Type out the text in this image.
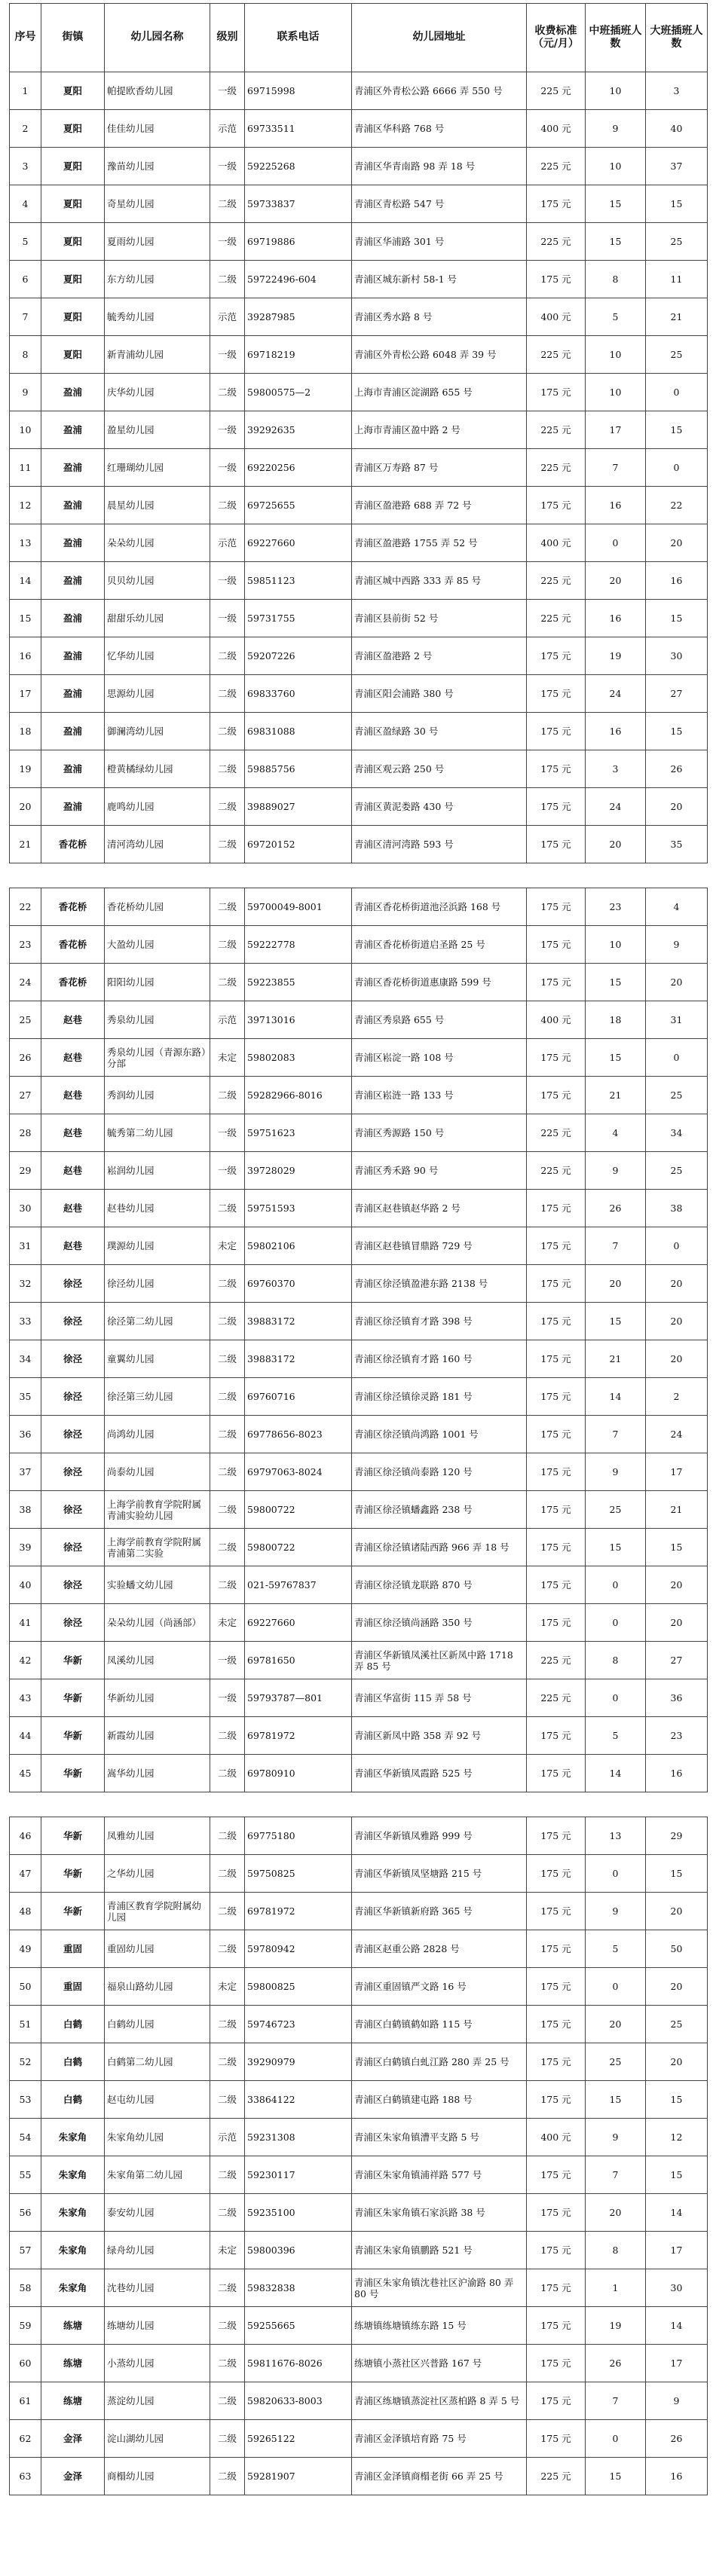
序号	街镇	幼儿园名称	级别	联系电话	幼儿园地址	收费标准（元/月）	中班插班人数	大班插班人数
1	夏阳	帕提欧香幼儿园	一级	69715998	青浦区外青松公路 6666 弄 550 号	225 元	10	3
2	夏阳	佳佳幼儿园	示范	69733511	青浦区华科路 768 号	400 元	9	40
3	夏阳	豫苗幼儿园	一级	59225268	青浦区华青南路 98 弄 18 号	225 元	10	37
4	夏阳	奇星幼儿园	二级	59733837	青浦区青松路 547 号	175 元	15	15
5	夏阳	夏雨幼儿园	一级	69719886	青浦区华浦路 301 号	225 元	15	25
6	夏阳	东方幼儿园	二级	59722496-604	青浦区城东新村 58-1 号	175 元	8	11
7	夏阳	毓秀幼儿园	示范	39287985	青浦区秀水路 8 号	400 元	5	21
8	夏阳	新青浦幼儿园	一级	69718219	青浦区外青松公路 6048 弄 39 号	225 元	10	25
9	盈浦	庆华幼儿园	二级	59800575—2	上海市青浦区淀湖路 655 号	175 元	10	0
10	盈浦	盈星幼儿园	一级	39292635	上海市青浦区盈中路 2 号	225 元	17	15
11	盈浦	红珊瑚幼儿园	一级	69220256	青浦区万寿路 87 号	225 元	7	0
12	盈浦	晨星幼儿园	二级	69725655	青浦区盈港路 688 弄 72 号	175 元	16	22
13	盈浦	朵朵幼儿园	示范	69227660	青浦区盈港路 1755 弄 52 号	400 元	0	20
14	盈浦	贝贝幼儿园	一级	59851123	青浦区城中西路 333 弄 85 号	225 元	20	16
15	盈浦	甜甜乐幼儿园	一级	59731755	青浦区县前街 52 号	225 元	16	15
16	盈浦	忆华幼儿园	二级	59207226	青浦区盈港路 2 号	175 元	19	30
17	盈浦	思源幼儿园	二级	69833760	青浦区阳会浦路 380 号	175 元	24	27
18	盈浦	御澜湾幼儿园	二级	69831088	青浦区盈绿路 30 号	175 元	16	15
19	盈浦	橙黄橘绿幼儿园	二级	59885756	青浦区观云路 250 号	175 元	3	26
20	盈浦	鹿鸣幼儿园	二级	39889027	青浦区黄泥娄路 430 号	175 元	24	20
21	香花桥	清河湾幼儿园	二级	69720152	青浦区清河湾路 593 号	175 元	20	35

22	香花桥	香花桥幼儿园	二级	59700049-8001	青浦区香花桥街道池泾浜路 168 号	175 元	23	4
23	香花桥	大盈幼儿园	二级	59222778	青浦区香花桥街道启圣路 25 号	175 元	10	9
24	香花桥	阳阳幼儿园	二级	59223855	青浦区香花桥街道惠康路 599 号	175 元	15	20
25	赵巷	秀泉幼儿园	示范	39713016	青浦区秀泉路 655 号	400 元	18	31
26	赵巷	秀泉幼儿园（青源东路）分部	未定	59802083	青浦区崧淀一路 108 号	175 元	15	0
27	赵巷	秀润幼儿园	二级	59282966-8016	青浦区崧涟一路 133 号	175 元	21	25
28	赵巷	毓秀第二幼儿园	一级	59751623	青浦区秀源路 150 号	225 元	4	34
29	赵巷	崧润幼儿园	一级	39728029	青浦区秀禾路 90 号	225 元	9	25
30	赵巷	赵巷幼儿园	二级	59751593	青浦区赵巷镇赵华路 2 号	175 元	26	38
31	赵巷	璞源幼儿园	未定	59802106	青浦区赵巷镇冒鼎路 729 号	175 元	7	0
32	徐泾	徐泾幼儿园	二级	69760370	青浦区徐泾镇盈港东路 2138 号	175 元	20	20
33	徐泾	徐泾第二幼儿园	二级	39883172	青浦区徐泾镇育才路 398 号	175 元	15	20
34	徐泾	童翼幼儿园	二级	39883172	青浦区徐泾镇育才路 160 号	175 元	21	20
35	徐泾	徐泾第三幼儿园	二级	69760716	青浦区徐泾镇徐灵路 181 号	175 元	14	2
36	徐泾	尚鸿幼儿园	二级	69778656-8023	青浦区徐泾镇尚鸿路 1001 号	175 元	7	24
37	徐泾	尚泰幼儿园	二级	69797063-8024	青浦区徐泾镇尚泰路 120 号	175 元	9	17
38	徐泾	上海学前教育学院附属青浦实验幼儿园	二级	59800722	青浦区徐泾镇蟠鑫路 238 号	175 元	25	21
39	徐泾	上海学前教育学院附属青浦第二实验	二级	59800722	青浦区徐泾镇诸陆西路 966 弄 18 号	175 元	15	15
40	徐泾	实验蟠文幼儿园	二级	021-59767837	青浦区徐泾镇龙联路 870 号	175 元	0	20
41	徐泾	朵朵幼儿园（尚涵部）	未定	69227660	青浦区徐泾镇尚涵路 350 号	175 元	0	20
42	华新	凤溪幼儿园	一级	69781650	青浦区华新镇凤溪社区新凤中路 1718 弄 85 号	225 元	8	27
43	华新	华新幼儿园	一级	59793787—801	青浦区华富街 115 弄 58 号	225 元	0	36
44	华新	新霞幼儿园	二级	69781972	青浦区新凤中路 358 弄 92 号	175 元	5	23
45	华新	嵩华幼儿园	二级	69780910	青浦区华新镇凤霞路 525 号	175 元	14	16

46	华新	凤雅幼儿园	二级	69775180	青浦区华新镇凤雅路 999 号	175 元	13	29
47	华新	之华幼儿园	二级	59750825	青浦区华新镇凤坚塘路 215 号	175 元	0	15
48	华新	青浦区教育学院附属幼儿园	二级	69781972	青浦区华新镇新府路 365 号	175 元	9	20
49	重固	重固幼儿园	二级	59780942	青浦区赵重公路 2828 号	175 元	5	50
50	重固	福泉山路幼儿园	未定	59800825	青浦区重固镇严文路 16 号	175 元	0	20
51	白鹤	白鹤幼儿园	二级	59746723	青浦区白鹤镇鹤如路 115 号	175 元	20	25
52	白鹤	白鹤第二幼儿园	二级	39290979	青浦区白鹤镇白虬江路 280 弄 25 号	175 元	25	20
53	白鹤	赵屯幼儿园	二级	33864122	青浦区白鹤镇建屯路 188 号	175 元	15	15
54	朱家角	朱家角幼儿园	示范	59231308	青浦区朱家角镇漕平支路 5 号	400 元	9	12
55	朱家角	朱家角第二幼儿园	二级	59230117	青浦区朱家角镇浦祥路 577 号	175 元	7	15
56	朱家角	泰安幼儿园	二级	59235100	青浦区朱家角镇石家浜路 38 号	175 元	20	14
57	朱家角	绿舟幼儿园	未定	59800396	青浦区朱家角镇鹏路 521 号	175 元	8	17
58	朱家角	沈巷幼儿园	二级	59832838	青浦区朱家角镇沈巷社区沪渝路 80 弄 80 号	175 元	1	30
59	练塘	练塘幼儿园	二级	59255665	练塘镇练塘镇练东路 15 号	175 元	19	14
60	练塘	小蒸幼儿园	二级	59811676-8026	练塘镇小蒸社区兴普路 167 号	175 元	26	17
61	练塘	蒸淀幼儿园	二级	59820633-8003	青浦区练塘镇蒸淀社区蒸柏路 8 弄 5 号	175 元	7	9
62	金泽	淀山湖幼儿园	二级	59265122	青浦区金泽镇培育路 75 号	175 元	0	26
63	金泽	商榻幼儿园	二级	59281907	青浦区金泽镇商榻老街 66 弄 25 号	225 元	15	16
